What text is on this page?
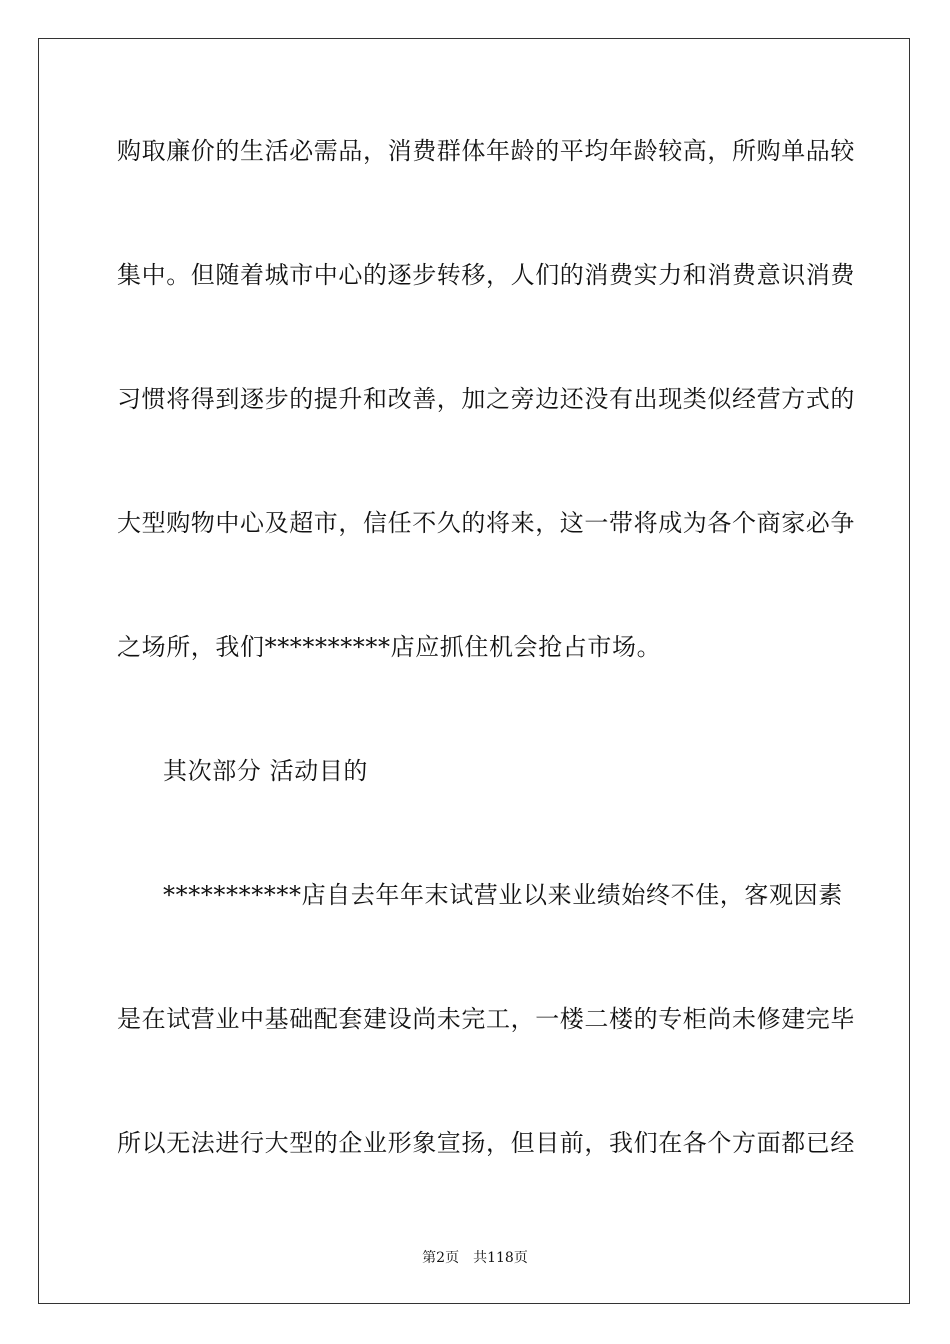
购取廉价的生活必需品，消费群体年龄的平均年龄较高，所购单品较
集中。但随着城市中心的逐步转移，人们的消费实力和消费意识消费
习惯将得到逐步的提升和改善，加之旁边还没有出现类似经营方式的
大型购物中心及超市，信任不久的将来，这一带将成为各个商家必争
之场所，我们**********店应抓住机会抢占市场。
其次部分 活动目的
***********店自去年年末试营业以来业绩始终不佳，客观因素
是在试营业中基础配套建设尚未完工，一楼二楼的专柜尚未修建完毕
所以无法进行大型的企业形象宣扬，但目前，我们在各个方面都已经
第2页 共118页
